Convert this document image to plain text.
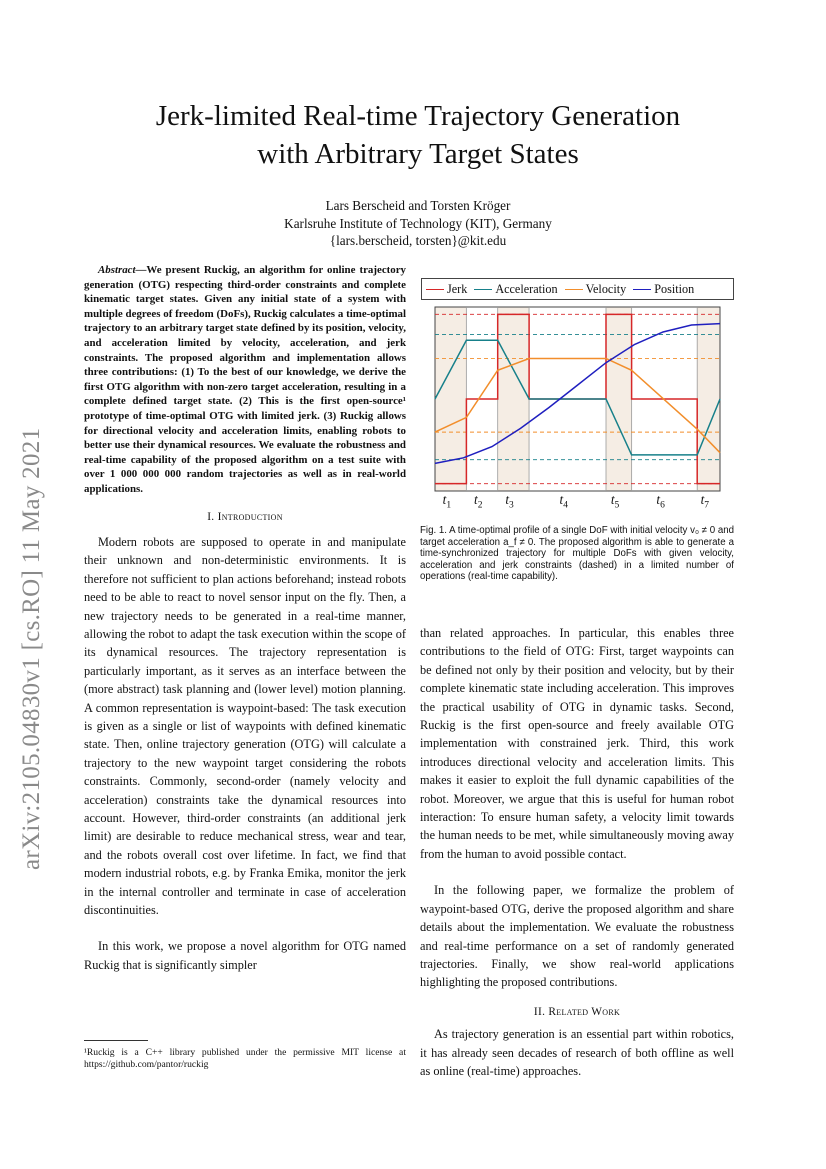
arXiv:2105.04830v1 [cs.RO] 11 May 2021
Jerk-limited Real-time Trajectory Generation
with Arbitrary Target States
Lars Berscheid and Torsten Kröger
Karlsruhe Institute of Technology (KIT), Germany
{lars.berscheid, torsten}@kit.edu

Abstract—We present Ruckig, an algorithm for online trajectory generation (OTG) respecting third-order constraints and complete kinematic target states. Given any initial state of a system with multiple degrees of freedom (DoFs), Ruckig calculates a time-optimal trajectory to an arbitrary target state defined by its position, velocity, and acceleration limited by velocity, acceleration, and jerk constraints. The proposed algorithm and implementation allows three contributions: (1) To the best of our knowledge, we derive the first OTG algorithm with non-zero target acceleration, resulting in a complete defined target state. (2) This is the first open-source¹ prototype of time-optimal OTG with limited jerk. (3) Ruckig allows for directional velocity and acceleration limits, enabling robots to better use their dynamical resources. We evaluate the robustness and real-time capability of the proposed algorithm on a test suite with over 1 000 000 000 random trajectories as well as in real-world applications.

I. Introduction

Modern robots are supposed to operate in and manipulate their unknown and non-deterministic environments. It is therefore not sufficient to plan actions beforehand; instead robots need to be able to react to novel sensor input on the fly. Then, a new trajectory needs to be generated in a real-time manner, allowing the robot to adapt the task execution within the scope of its dynamical resources. The trajectory representation is particularly important, as it serves as an interface between the (more abstract) task planning and (lower level) motion planning. A common representation is waypoint-based: The task execution is given as a single or list of waypoints with defined kinematic state. Then, online trajectory generation (OTG) will calculate a trajectory to the new waypoint target considering the robots constraints. Commonly, second-order (namely velocity and acceleration) constraints take the dynamical resources into account. However, third-order constraints (an additional jerk limit) are desirable to reduce mechanical stress, wear and tear, and the robots overall cost over lifetime. In fact, we find that modern industrial robots, e.g. by Franka Emika, monitor the jerk in the internal controller and terminate in case of acceleration discontinuities.

In this work, we propose a novel algorithm for OTG named Ruckig that is significantly simpler

¹Ruckig is a C++ library published under the permissive MIT license at https://github.com/pantor/ruckig
Jerk Acceleration Velocity Position
$t_1$ $t_2$ $t_3$	$t_4$	$t_5$	$t_6$	$t_7$
Fig. 1. A time-optimal profile of a single DoF with initial velocity v₀ ≠ 0 and target acceleration a_f ≠ 0. The proposed algorithm is able to generate a time-synchronized trajectory for multiple DoFs with given velocity, acceleration and jerk constraints (dashed) in a limited number of operations (real-time capability).

than related approaches. In particular, this enables three contributions to the field of OTG: First, target waypoints can be defined not only by their position and velocity, but by their complete kinematic state including acceleration. This improves the practical usability of OTG in dynamic tasks. Second, Ruckig is the first open-source and freely available OTG implementation with constrained jerk. Third, this work introduces directional velocity and acceleration limits. This makes it easier to exploit the full dynamic capabilities of the robot. Moreover, we argue that this is useful for human robot interaction: To ensure human safety, a velocity limit towards the human needs to be met, while simultaneously moving away from the human to avoid possible contact.

In the following paper, we formalize the problem of waypoint-based OTG, derive the proposed algorithm and share details about the implementation. We evaluate the robustness and real-time performance on a set of randomly generated trajectories. Finally, we show real-world applications highlighting the proposed contributions.

II. Related Work

As trajectory generation is an essential part within robotics, it has already seen decades of research of both offline as well as online (real-time) approaches.
